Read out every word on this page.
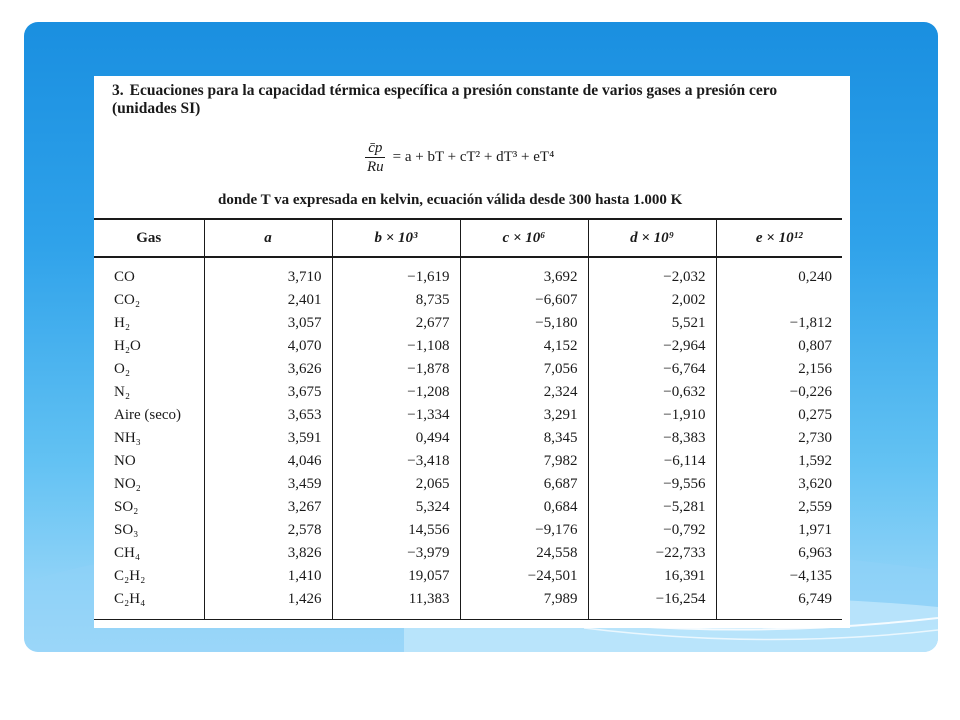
3. Ecuaciones para la capacidad térmica específica a presión constante de varios gases a presión cero (unidades SI)
$\frac{c̄p}{Ru} = a$ + bT + cT² + dT³ + eT⁴
donde T va expresada en kelvin, ecuación válida desde 300 hasta 1.000 K
Gas	a	b × 10³	c × 10⁶	d × 10⁹	e × 10¹²
CO	3,710	−1,619	3,692	−2,032	0,240
CO₂	2,401	8,735	−6,607	2,002	
H₂	3,057	2,677	−5,180	5,521	−1,812
H₂O	4,070	−1,108	4,152	−2,964	0,807
O₂	3,626	−1,878	7,056	−6,764	2,156
N₂	3,675	−1,208	2,324	−0,632	−0,226
Aire (seco)	3,653	−1,334	3,291	−1,910	0,275
NH₃	3,591	0,494	8,345	−8,383	2,730
NO	4,046	−3,418	7,982	−6,114	1,592
NO₂	3,459	2,065	6,687	−9,556	3,620
SO₂	3,267	5,324	0,684	−5,281	2,559
SO₃	2,578	14,556	−9,176	−0,792	1,971
CH₄	3,826	−3,979	24,558	−22,733	6,963
C₂H₂	1,410	19,057	−24,501	16,391	−4,135
C₂H₄	1,426	11,383	7,989	−16,254	6,749
